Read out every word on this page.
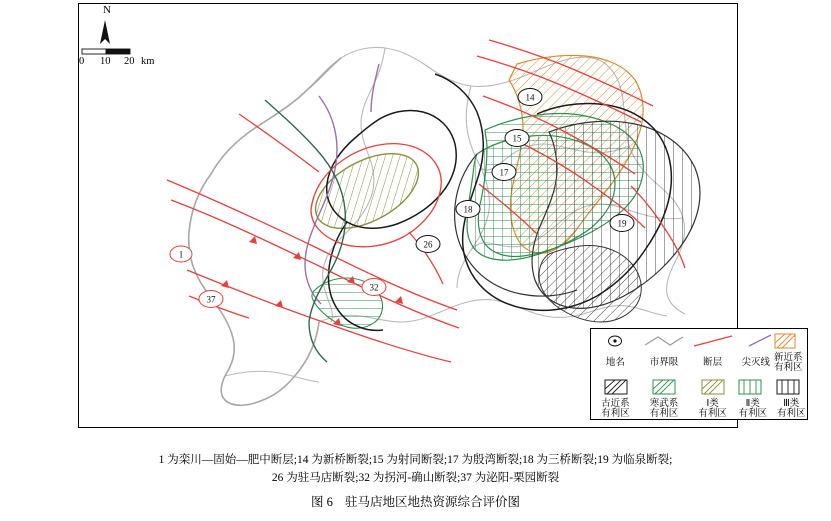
1
14
15
17
18
19
26
32
37
N
0 10 20 km
地名	市界限	断层	尖灭线 新近系
有利区
古近系
有利区
寒武系
有利区
Ⅰ类
有利区
Ⅱ类
有利区
Ⅲ类
有利区
1 为栾川—固始—肥中断层;14 为新桥断裂;15 为射同断裂;17 为殷湾断裂;18 为三桥断裂;19 为临泉断裂;
26 为驻马店断裂;32 为拐河-确山断裂;37 为泌阳-栗园断裂
图 6 驻马店地区地热资源综合评价图
